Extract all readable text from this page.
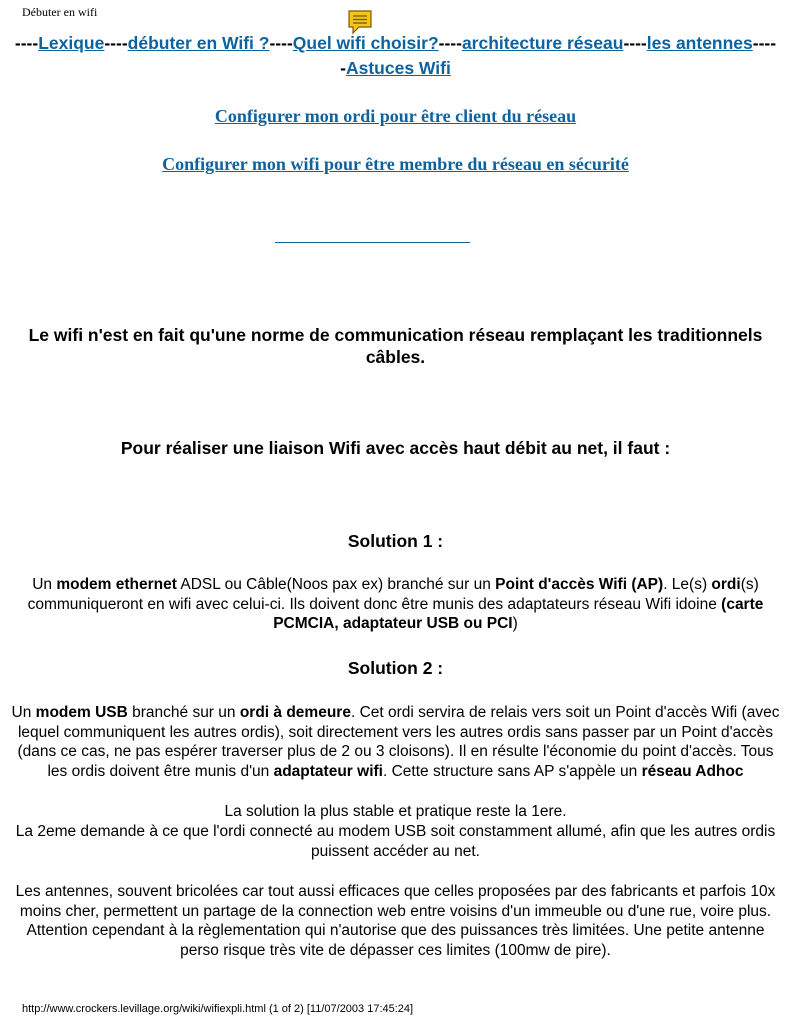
Débuter en wifi
----Lexique----débuter en Wifi ?----Quel wifi choisir?----architecture réseau----les antennes----
-Astuces Wifi
Configurer mon ordi pour être client du réseau
Configurer mon wifi pour être membre du réseau en sécurité
Le wifi n'est en fait qu'une norme de communication réseau remplaçant les traditionnels câbles.
Pour réaliser une liaison Wifi avec accès haut débit au net, il faut :
Solution 1 :
Un modem ethernet ADSL ou Câble(Noos pax ex) branché sur un Point d'accès Wifi (AP). Le(s) ordi(s) communiqueront en wifi avec celui-ci. Ils doivent donc être munis des adaptateurs réseau Wifi idoine (carte PCMCIA, adaptateur USB ou PCI)
Solution 2 :
Un modem USB branché sur un ordi à demeure. Cet ordi servira de relais vers soit un Point d'accès Wifi (avec lequel communiquent les autres ordis), soit directement vers les autres ordis sans passer par un Point d'accès (dans ce cas, ne pas espérer traverser plus de 2 ou 3 cloisons). Il en résulte l'économie du point d'accès. Tous les ordis doivent être munis d'un adaptateur wifi. Cette structure sans AP s'appèle un réseau Adhoc
La solution la plus stable et pratique reste la 1ere.
La 2eme demande à ce que l'ordi connecté au modem USB soit constamment allumé, afin que les autres ordis puissent accéder au net.
Les antennes, souvent bricolées car tout aussi efficaces que celles proposées par des fabricants et parfois 10x moins cher, permettent un partage de la connection web entre voisins d'un immeuble ou d'une rue, voire plus. Attention cependant à la règlementation qui n'autorise que des puissances très limitées. Une petite antenne perso risque très vite de dépasser ces limites (100mw de pire).
http://www.crockers.levillage.org/wiki/wifiexpli.html (1 of 2) [11/07/2003 17:45:24]
